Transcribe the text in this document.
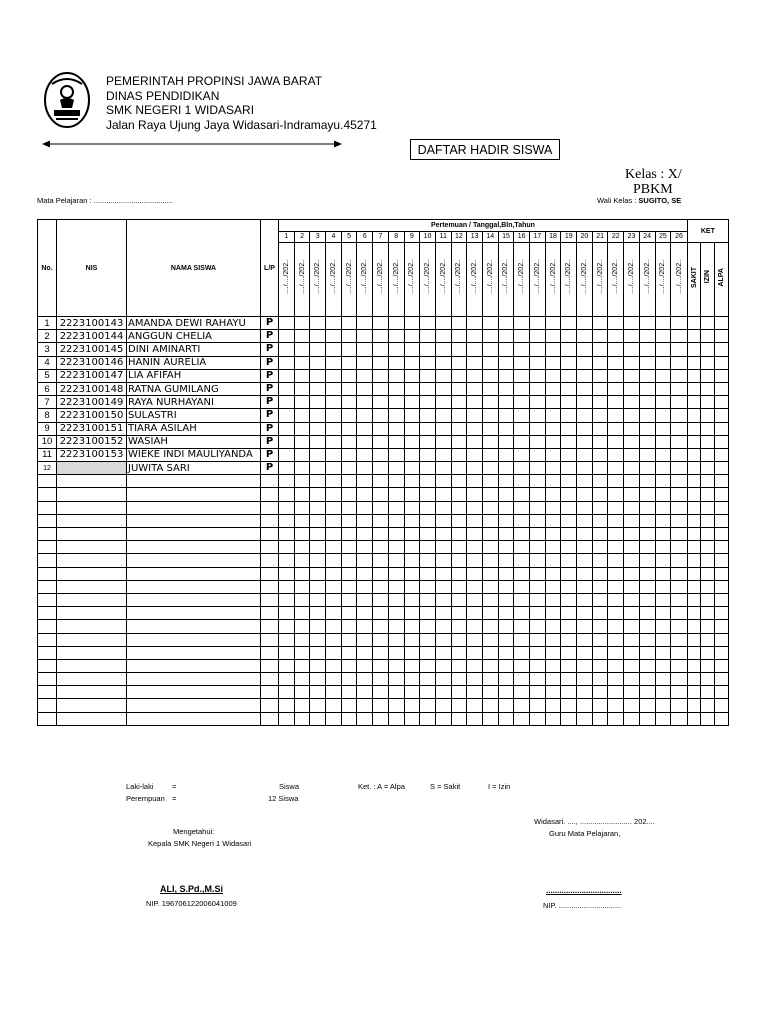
PEMERINTAH PROPINSI JAWA BARAT
DINAS PENDIDIKAN
SMK NEGERI 1 WIDASARI
Jalan Raya Ujung Jaya Widasari-Indramayu.45271
DAFTAR HADIR SISWA
Kelas : X/
PBKM
Mata Pelajaran : ......................................	Wali Kelas : SUGITO, SE
No.	NIS	NAMA SISWA	L/P	Pertemuan / Tanggal,Bln,Tahun																										KET		
				1	2	3	4	5	6	7	8	9	10	11	12	13	14	15	16	17	18	19	20	21	22	23	24	25	26			
				..../..../202..	..../..../202..	..../..../202..	..../..../202..	..../..../202..	..../..../202..	..../..../202..	..../..../202..	..../..../202..	..../..../202..	..../..../202..	..../..../202..	..../..../202..	..../..../202..	..../..../202..	..../..../202..	..../..../202..	..../..../202..	..../..../202..	..../..../202..	..../..../202..	..../..../202..	..../..../202..	..../..../202..	..../..../202..	..../..../202..	SAKIT	IZIN	ALPA
1	2223100143	AMANDA DEWI RAHAYU	P																													
2	2223100144	ANGGUN CHELIA	P																													
3	2223100145	DINI AMINARTI	P																													
4	2223100146	HANIN AURELIA	P																													
5	2223100147	LIA AFIFAH	P																													
6	2223100148	RATNA GUMILANG	P																													
7	2223100149	RAYA NURHAYANI	P																													
8	2223100150	SULASTRI	P																													
9	2223100151	TIARA ASILAH	P																													
10	2223100152	WASIAH	P																													
11	2223100153	WIEKE INDI MAULIYANDA	P																													
12		JUWITA SARI	P																													

Laki-laki =
Perempuan =
Siswa
12 Siswa
Ket. : A = Alpa	S = Sakit	I = Izin
Widasari. ...., ......................... 202....
Guru Mata Pelajaran,
Mengetahui:
Kepala SMK Negeri 1 Widasari
ALI, S.Pd.,M.Si
NIP. 196706122006041009
..................................
NIP. ..............................
